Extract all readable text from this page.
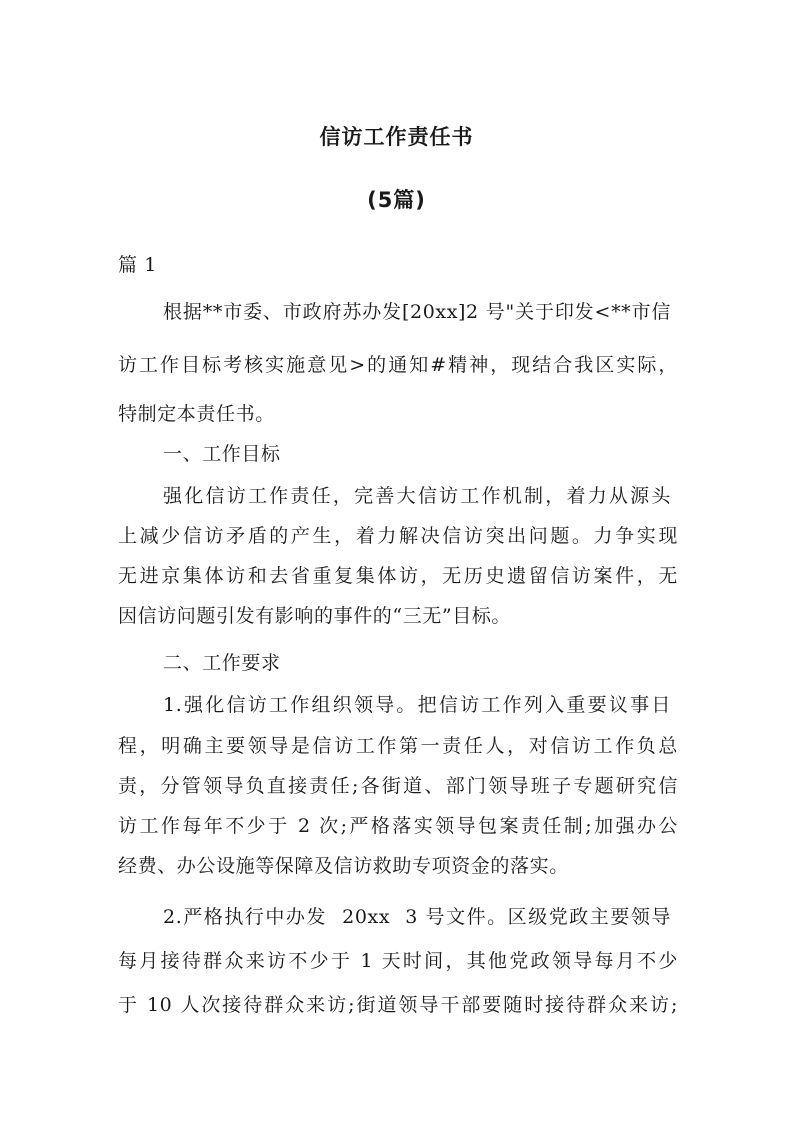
信访工作责任书
(5篇)
篇 1
根据**市委、市政府苏办发[20xx]2 号"关于印发<**市信
访工作目标考核实施意见>的通知#精神，现结合我区实际，
特制定本责任书。
一、工作目标
强化信访工作责任，完善大信访工作机制，着力从源头
上减少信访矛盾的产生，着力解决信访突出问题。力争实现
无进京集体访和去省重复集体访，无历史遗留信访案件，无
因信访问题引发有影响的事件的“三无”目标。
二、工作要求
1.强化信访工作组织领导。把信访工作列入重要议事日
程，明确主要领导是信访工作第一责任人，对信访工作负总
责，分管领导负直接责任;各街道、部门领导班子专题研究信
访工作每年不少于 2 次;严格落实领导包案责任制;加强办公
经费、办公设施等保障及信访救助专项资金的落实。
2.严格执行中办发  20xx  3 号文件。区级党政主要领导
每月接待群众来访不少于 1 天时间，其他党政领导每月不少
于 10 人次接待群众来访;街道领导干部要随时接待群众来访;
